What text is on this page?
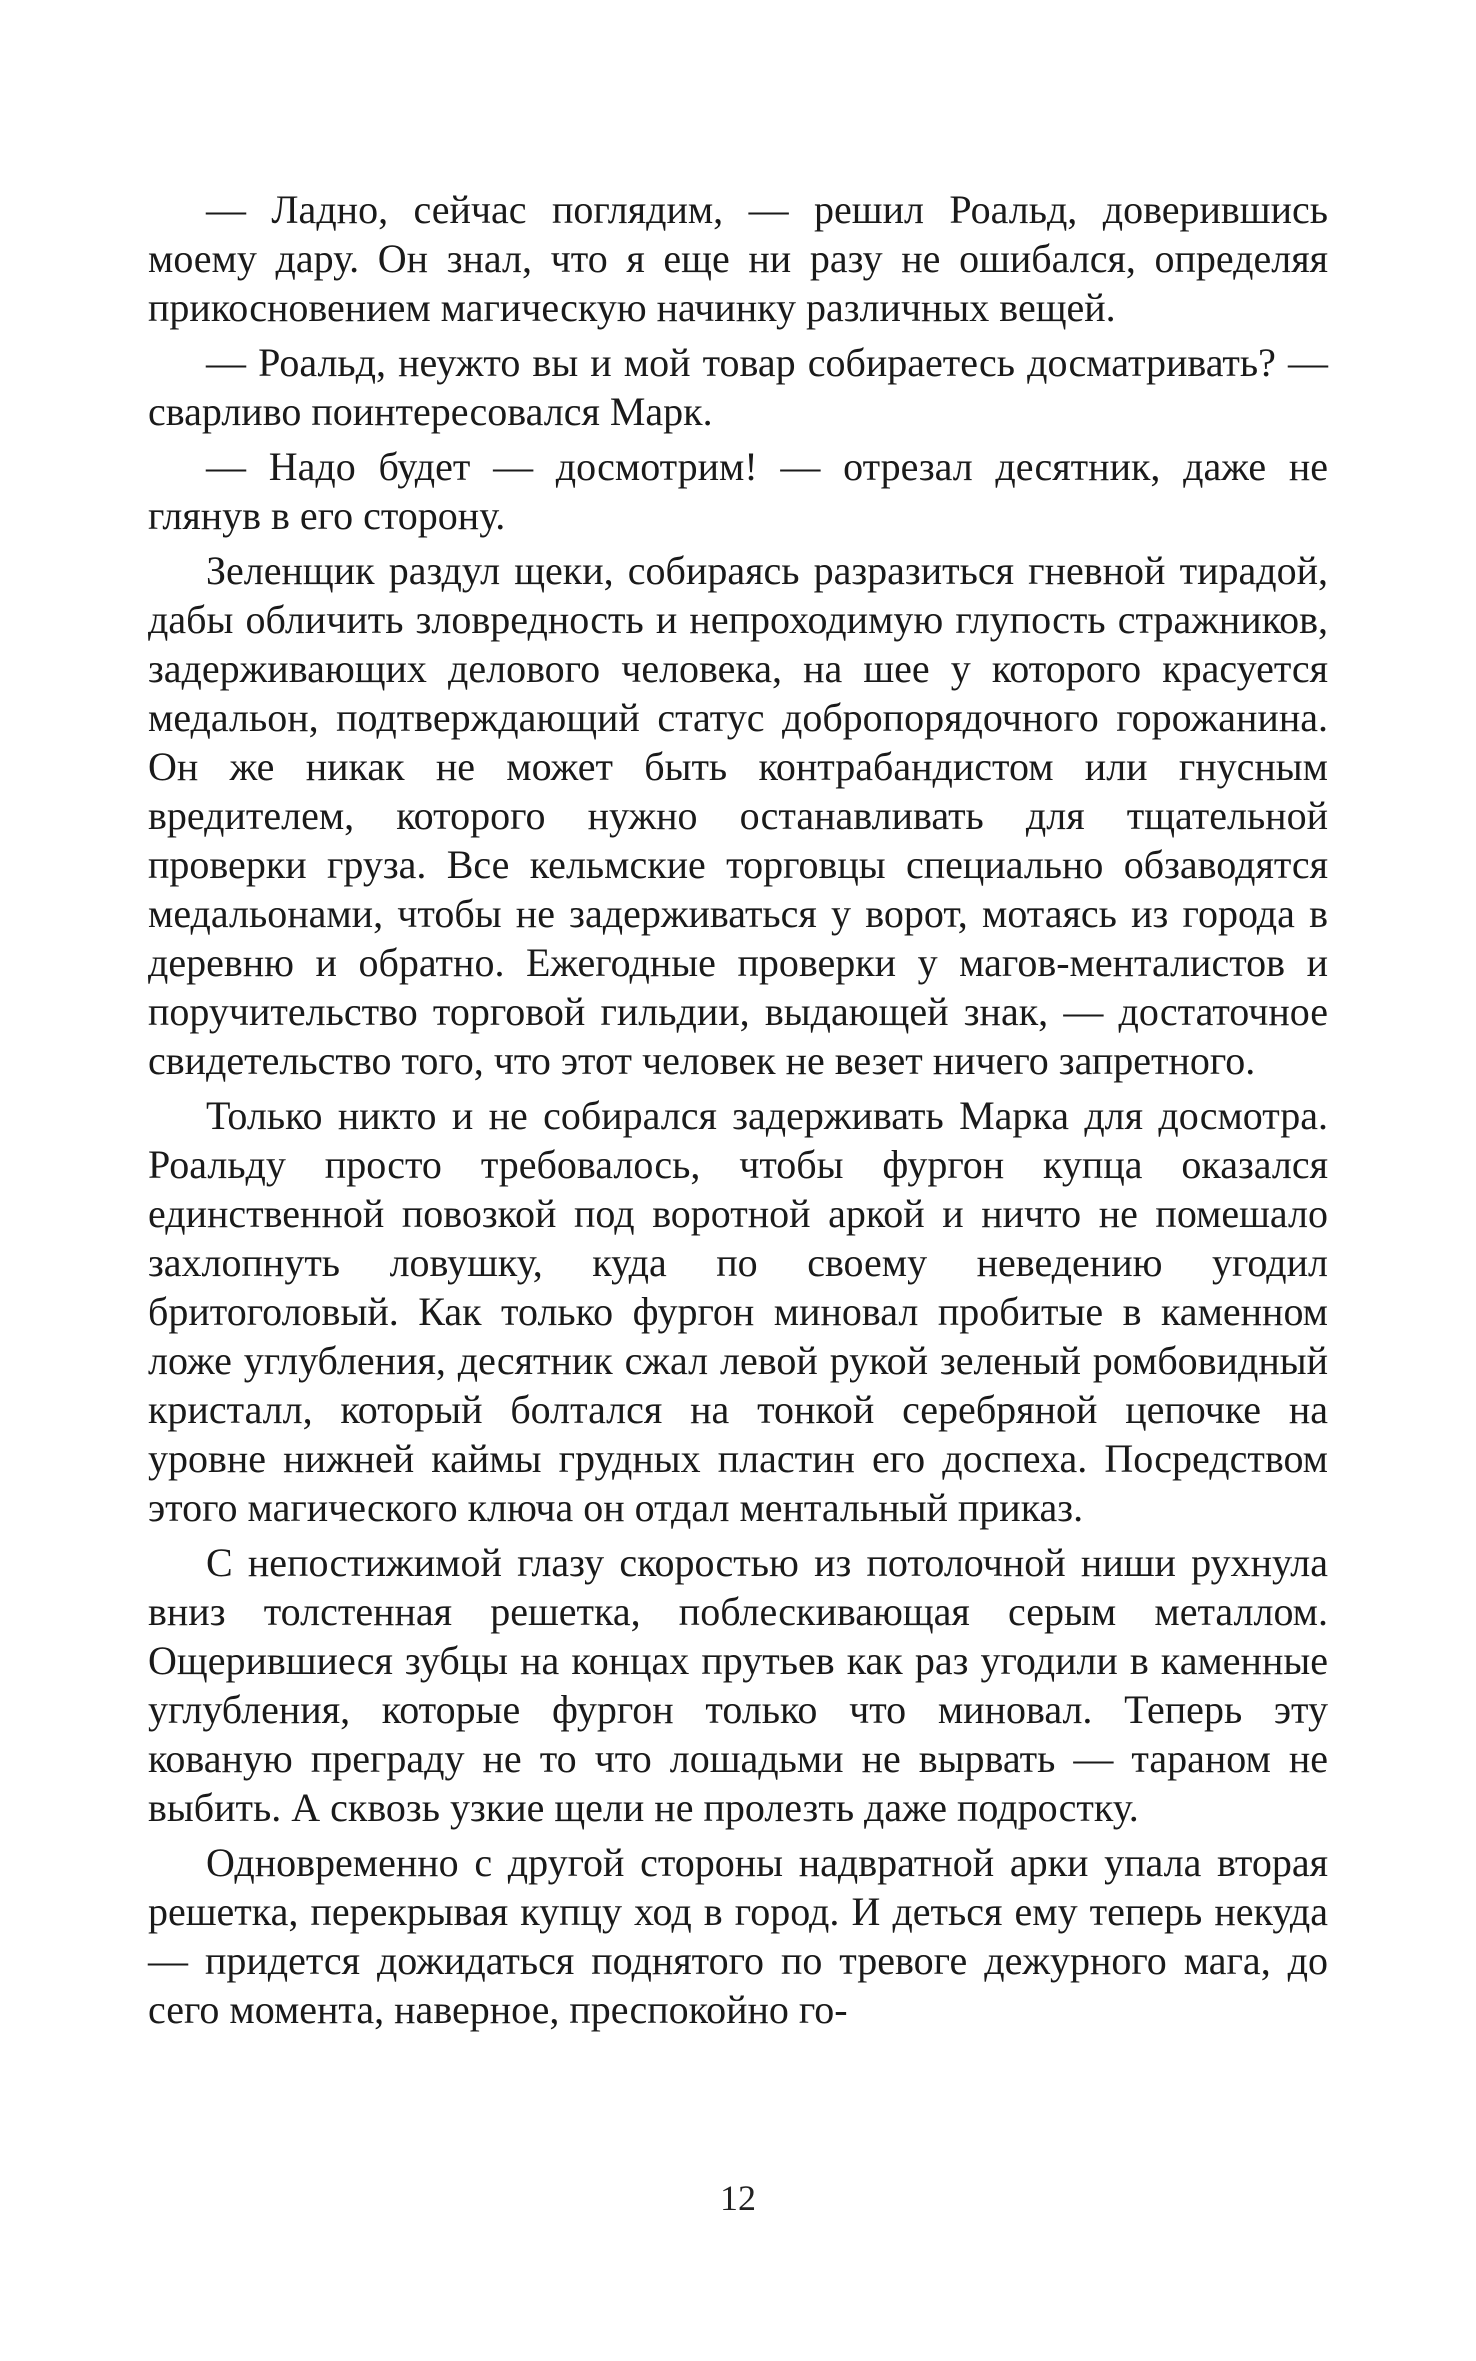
— Ладно, сейчас поглядим, — решил Роальд, доверившись моему дару. Он знал, что я еще ни разу не ошибался, определяя прикосновением магическую начинку различных вещей.

— Роальд, неужто вы и мой товар собираетесь досматривать? — сварливо поинтересовался Марк.

— Надо будет — досмотрим! — отрезал десятник, даже не глянув в его сторону.

Зеленщик раздул щеки, собираясь разразиться гневной тирадой, дабы обличить зловредность и непроходимую глупость стражников, задерживающих делового человека, на шее у которого красуется медальон, подтверждающий статус добропорядочного горожанина. Он же никак не может быть контрабандистом или гнусным вредителем, которого нужно останавливать для тщательной проверки груза. Все кельмские торговцы специально обзаводятся медальонами, чтобы не задерживаться у ворот, мотаясь из города в деревню и обратно. Ежегодные проверки у магов-менталистов и поручительство торговой гильдии, выдающей знак, — достаточное свидетельство того, что этот человек не везет ничего запретного.

Только никто и не собирался задерживать Марка для досмотра. Роальду просто требовалось, чтобы фургон купца оказался единственной повозкой под воротной аркой и ничто не помешало захлопнуть ловушку, куда по своему неведению угодил бритоголовый. Как только фургон миновал пробитые в каменном ложе углубления, десятник сжал левой рукой зеленый ромбовидный кристалл, который болтался на тонкой серебряной цепочке на уровне нижней каймы грудных пластин его доспеха. Посредством этого магического ключа он отдал ментальный приказ.

С непостижимой глазу скоростью из потолочной ниши рухнула вниз толстенная решетка, поблескивающая серым металлом. Ощерившиеся зубцы на концах прутьев как раз угодили в каменные углубления, которые фургон только что миновал. Теперь эту кованую преграду не то что лошадьми не вырвать — тараном не выбить. А сквозь узкие щели не пролезть даже подростку.

Одновременно с другой стороны надвратной арки упала вторая решетка, перекрывая купцу ход в город. И деться ему теперь некуда — придется дожидаться поднятого по тревоге дежурного мага, до сего момента, наверное, преспокойно го-

12
